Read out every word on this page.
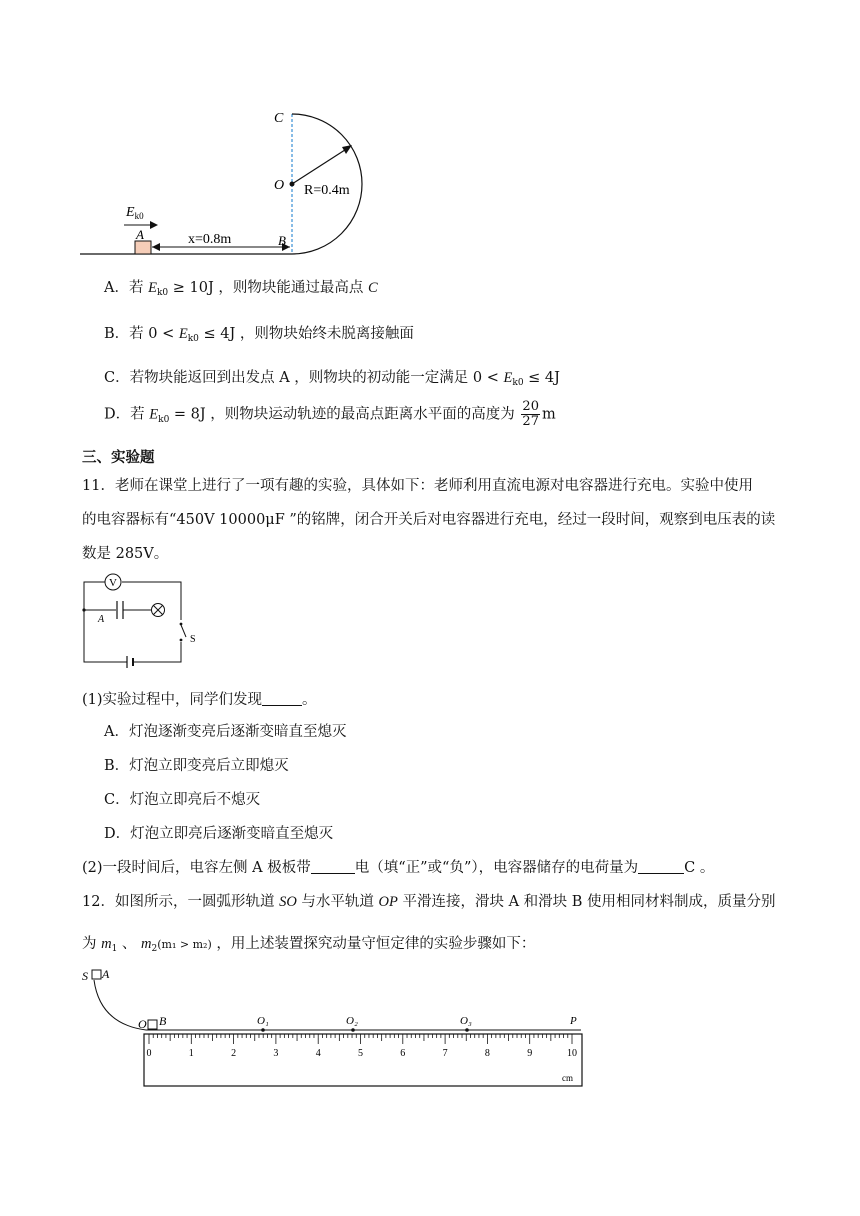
C
O R=0.4m
$E_{k0}$
A	x=0.8m	B
A．若 $E_{k0} \ge 10J$ ，则物块能通过最高点 C
B．若 $0 < E_{k0} \le 4J$ ，则物块始终未脱离接触面
C．若物块能返回到出发点 A ，则物块的初动能一定满足 $0 < E_{k0} \le 4J$
D．若 $E_{k0} = 8J$ ，则物块运动轨迹的最高点距离水平面的高度为 $\frac{20}{27}$ m
三、实验题
11．老师在课堂上进行了一项有趣的实验，具体如下：老师利用直流电源对电容器进行充电。实验中使用
的电容器标有“450V 10000μF ”的铭牌，闭合开关后对电容器进行充电，经过一段时间，观察到电压表的读
数是 285V。
V
A
S
(1)实验过程中，同学们发现	。
A．灯泡逐渐变亮后逐渐变暗直至熄灭
B．灯泡立即变亮后立即熄灭
C．灯泡立即亮后不熄灭
D．灯泡立即亮后逐渐变暗直至熄灭
(2)一段时间后，电容左侧 A 极板带	电（填“正”或“负”），电容器储存的电荷量为	C 。
12．如图所示，一圆弧形轨道 SO 与水平轨道 OP 平滑连接，滑块 A 和滑块 B 使用相同材料制成，质量分别
为 $m_1$ 、 $m_2(m_1 > m_2)$ ，用上述装置探究动量守恒定律的实验步骤如下：
S A
O B	O₁	O₂	O₃	P
0	1	2	3	4	5	6	7	8	9	10
cm
